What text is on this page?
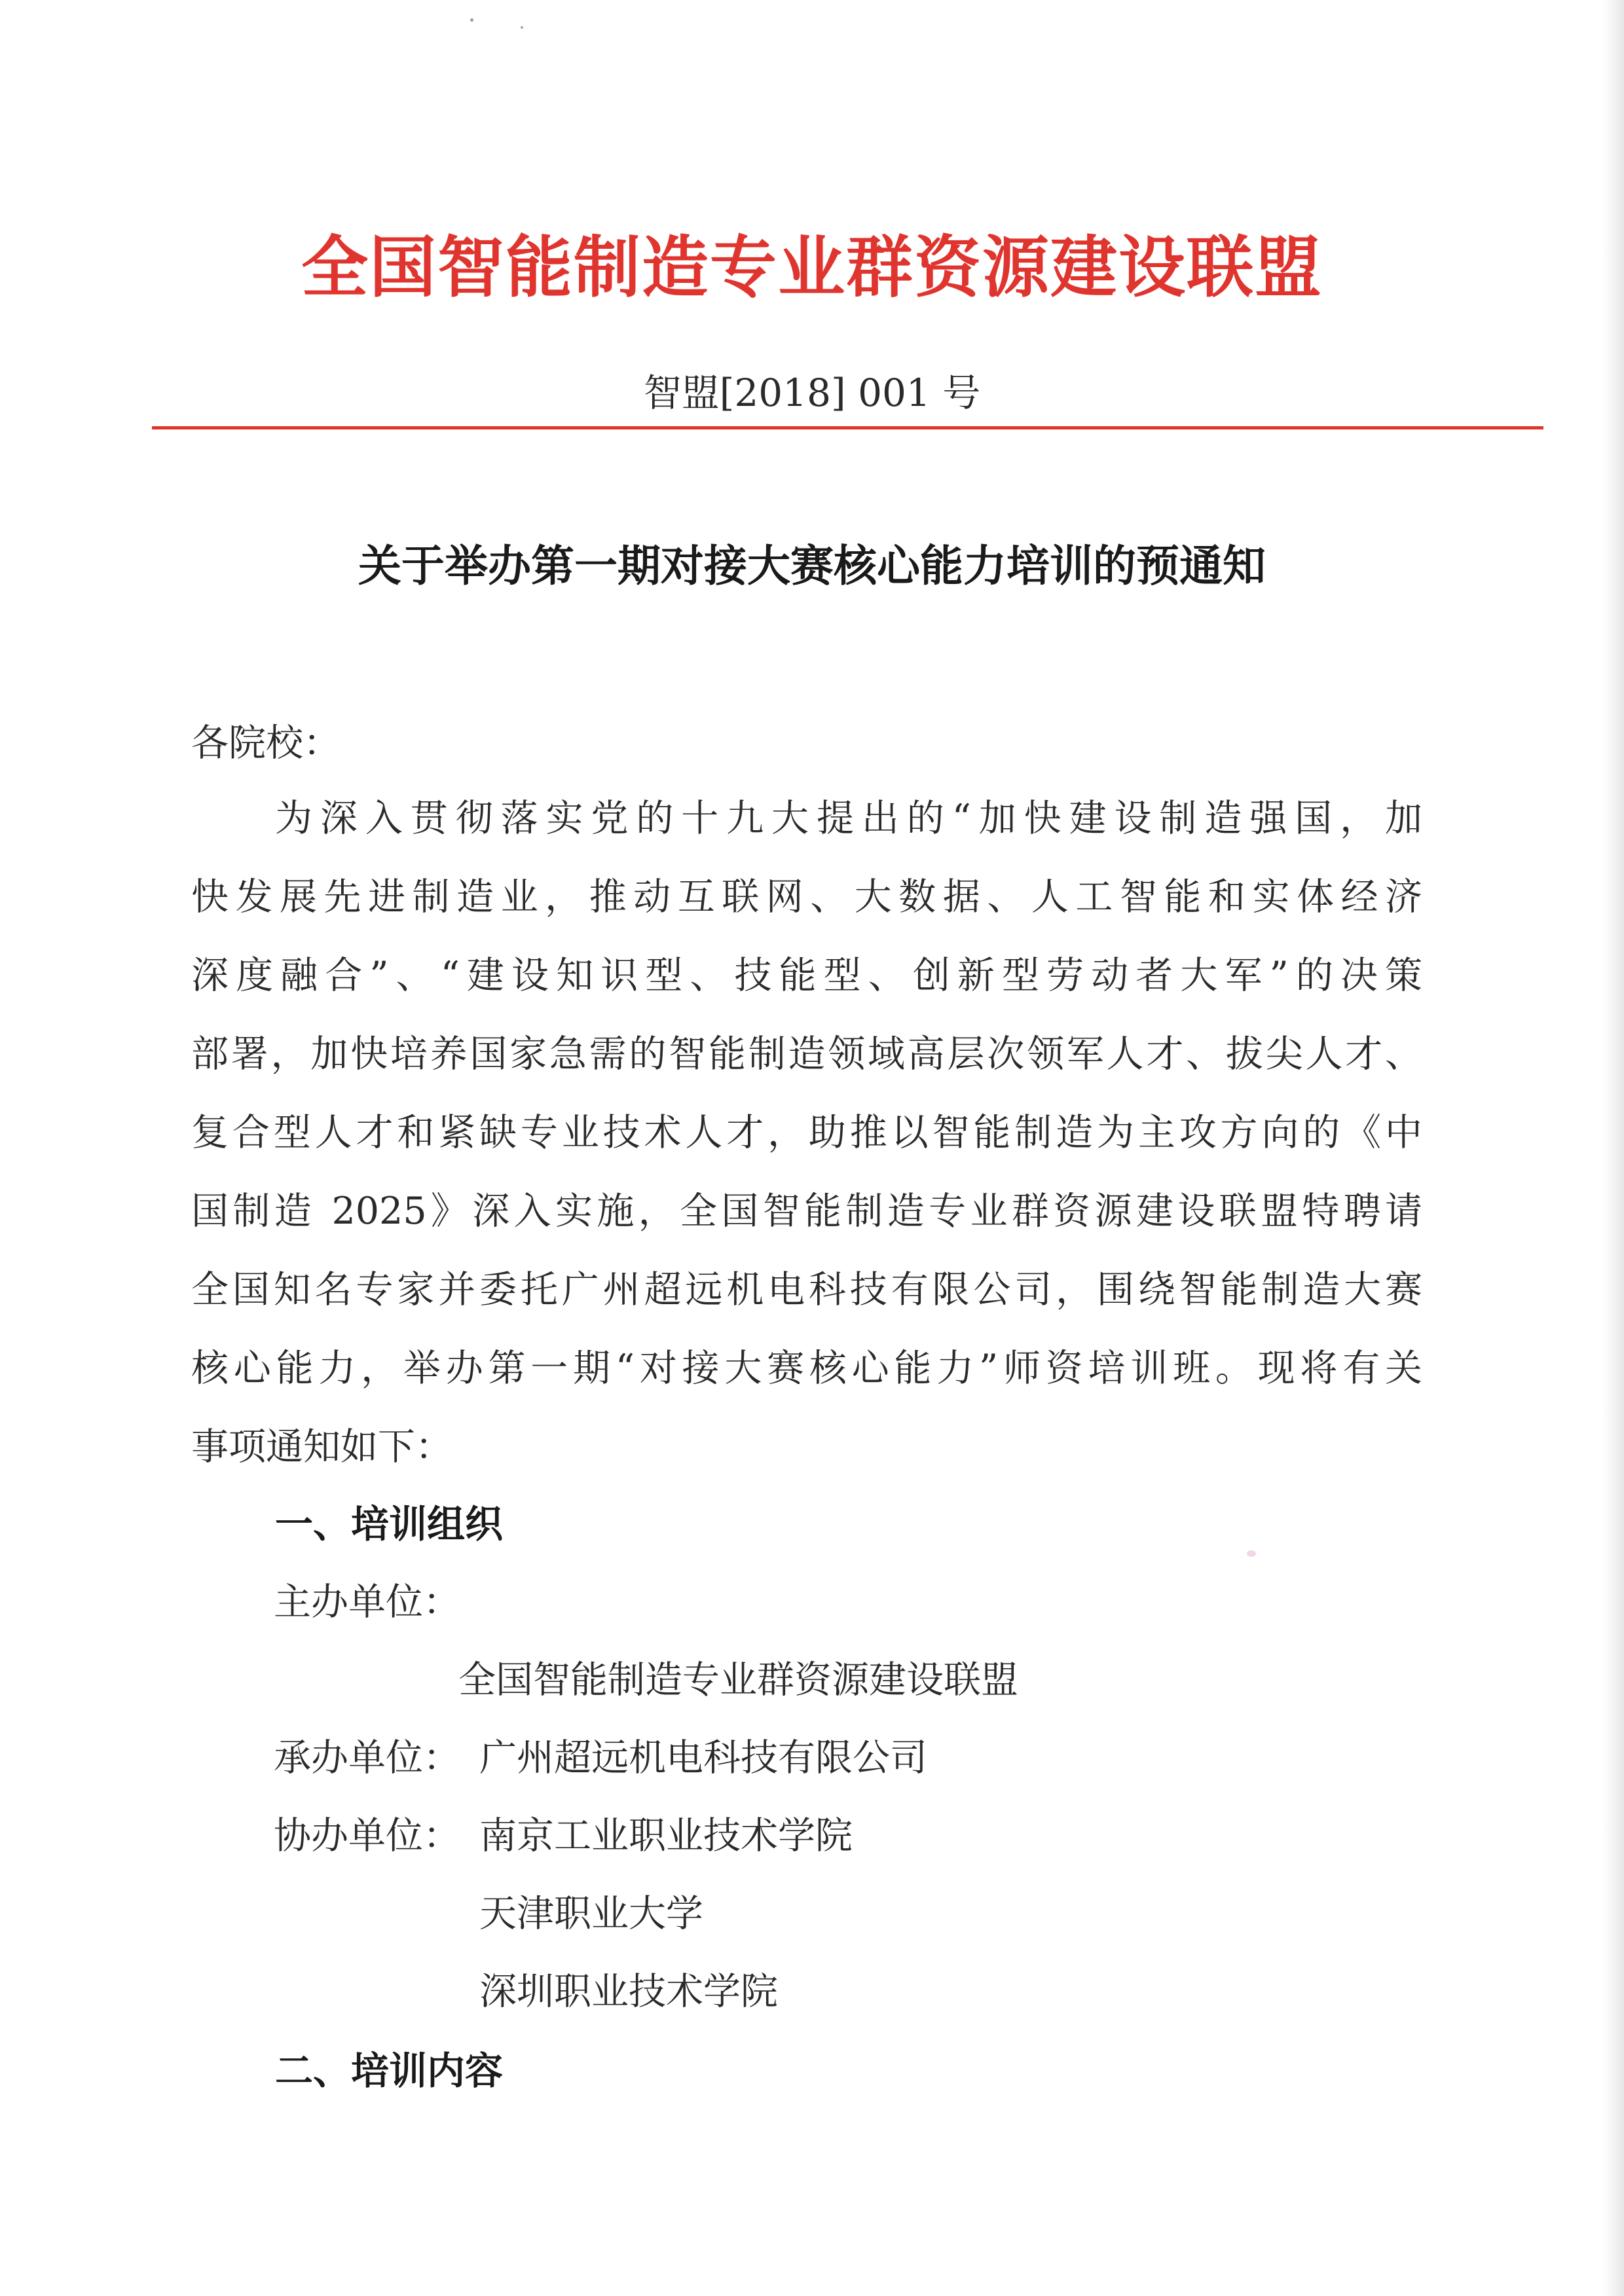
全国智能制造专业群资源建设联盟
智盟[2018] 001 号
关于举办第一期对接大赛核心能力培训的预通知
各院校：
为深入贯彻落实党的十九大提出的“加快建设制造强国，加
快发展先进制造业，推动互联网、大数据、人工智能和实体经济
深度融合”、“建设知识型、技能型、创新型劳动者大军”的决策
部署，加快培养国家急需的智能制造领域高层次领军人才、拔尖人才、
复合型人才和紧缺专业技术人才，助推以智能制造为主攻方向的《中
国制造 2025》深入实施，全国智能制造专业群资源建设联盟特聘请
全国知名专家并委托广州超远机电科技有限公司，围绕智能制造大赛
核心能力，举办第一期“对接大赛核心能力”师资培训班。现将有关
事项通知如下：
一、培训组织
主办单位：
全国智能制造专业群资源建设联盟
承办单位： 广州超远机电科技有限公司
协办单位： 南京工业职业技术学院
天津职业大学
深圳职业技术学院
二、培训内容
